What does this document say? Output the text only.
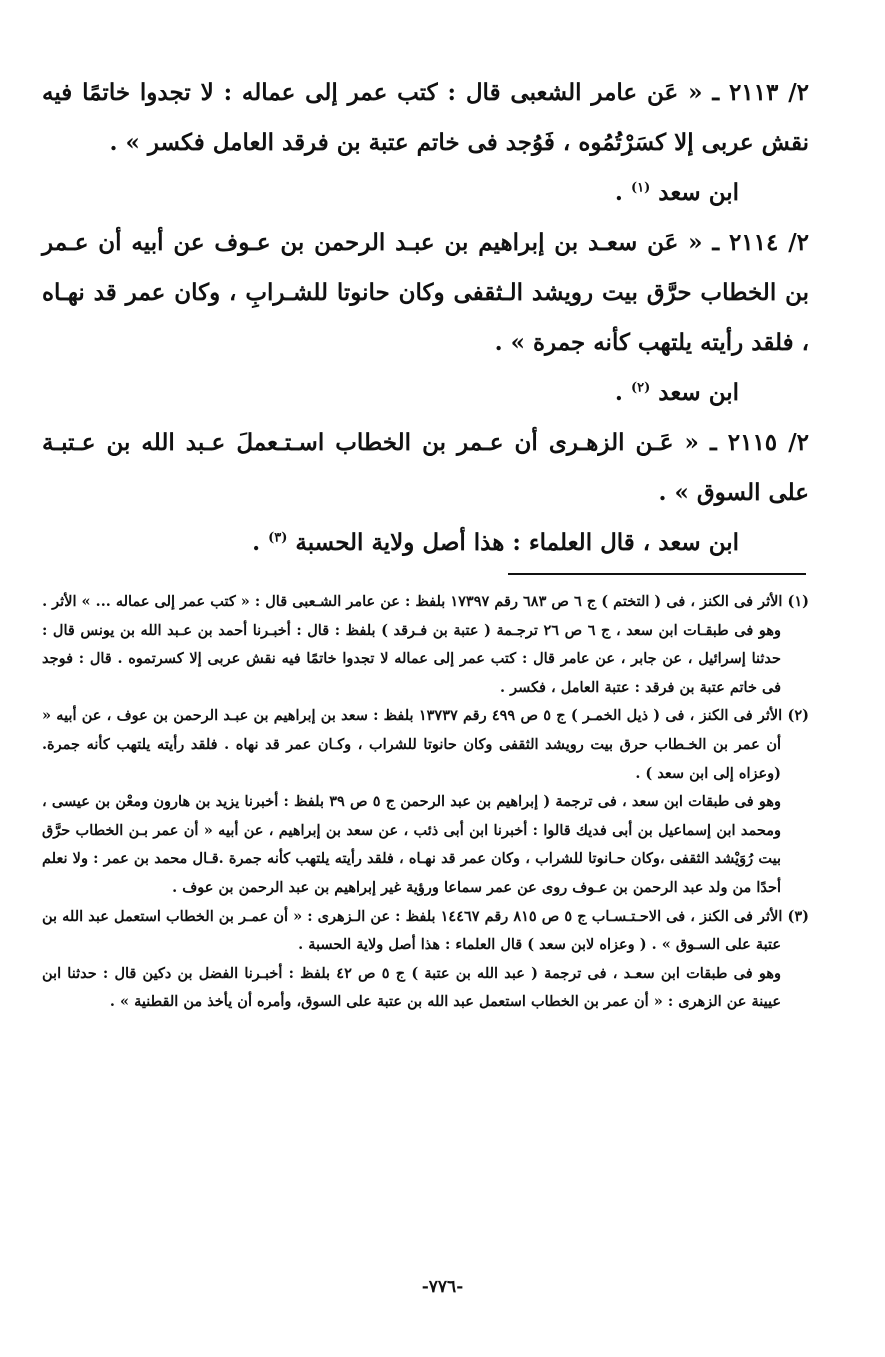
٢/ ٢١١٣ ـ « عَن عامر الشعبى قال : كتب عمر إلى عماله : لا تجدوا خاتمًا فيه نقش عربى إلا كسَرْتُمُوه ، فَوُجد فى خاتم عتبة بن فرقد العامل فكسر » .

ابن سعد $^{(١)}$ .

٢/ ٢١١٤ ـ « عَن سعـد بن إبراهيم بن عبـد الرحمن بن عـوف عن أبيه أن عـمر بن الخطاب حرَّق بيت رويشد الـثقفى وكان حانوتا للشـرابِ ، وكان عمر قد نهـاه ، فلقد رأيته يلتهب كأنه جمرة » .

ابن سعد $^{(٢)}$ .

٢/ ٢١١٥ ـ « عَـن الزهـرى أن عـمر بن الخطاب اسـتـعملَ عـبد الله بن عـتبـة على السوق » .

ابن سعد ، قال العلماء : هذا أصل ولاية الحسبة $^{(٣)}$ .

(١) الأثر فى الكنز ، فى ( التختم ) ج ٦ ص ٦٨٣ رقم ١٧٣٩٧ بلفظ : عن عامر الشـعبى قال : « كتب عمر إلى عماله ... » الأثر .

وهو فى طبقـات ابن سعد ، ج ٦ ص ٢٦ ترجـمة ( عتبة بن فـرقد ) بلفظ : قال : أخبـرنا أحمد بن عـبد الله بن يونس قال : حدثنا إسرائيل ، عن جابر ، عن عامر قال : كتب عمر إلى عماله لا تجدوا خاتمًا فيه نقش عربى إلا كسرتموه . قال : فوجد فى خاتم عتبة بن فرقد : عتبة العامل ، فكسر .

(٢) الأثر فى الكنز ، فى ( ذيل الخمـر ) ج ٥ ص ٤٩٩ رقم ١٣٧٣٧ بلفظ : سعد بن إبراهيم بن عبـد الرحمن بن عوف ، عن أبيه « أن عمر بن الخـطاب حرق بيت رويشد الثقفى وكان حانوتا للشراب ، وكـان عمر قد نهاه . فلقد رأيته يلتهب كأنه جمرة. (وعزاه إلى ابن سعد ) .

وهو فى طبقات ابن سعد ، فى ترجمة ( إبراهيم بن عبد الرحمن ج ٥ ص ٣٩ بلفظ : أخبرنا يزيد بن هارون ومعْن بن عيسى ، ومحمد ابن إسماعيل بن أبى فديك قالوا : أخبرنا ابن أبى ذئب ، عن سعد بن إبراهيم ، عن أبيه « أن عمر بـن الخطاب حرَّق بيت رُوَيْشد الثقفى ،وكان حـانوتا للشراب ، وكان عمر قد نهـاه ، فلقد رأيته يلتهب كأنه جمرة .قـال محمد بن عمر : ولا نعلم أحدًا من ولد عبد الرحمن بن عـوف روى عن عمر سماعا ورؤية غير إبراهيم بن عبد الرحمن بن عوف .

(٣) الأثر فى الكنز ، فى الاحـتـسـاب ج ٥ ص ٨١٥ رقم ١٤٤٦٧ بلفظ : عن الـزهرى : « أن عمـر بن الخطاب استعمل عبد الله بن عتبة على السـوق » . ( وعزاه لابن سعد ) قال العلماء : هذا أصل ولاية الحسبة .

وهو فى طبقات ابن سعـد ، فى ترجمة ( عبد الله بن عتبة ) ج ٥ ص ٤٢ بلفظ : أخبـرنا الفضل بن دكين قال : حدثنا ابن عيينة عن الزهرى : « أن عمر بن الخطاب استعمل عبد الله بن عتبة على السوق، وأمره أن يأخذ من القطنية » .

-٧٧٦-
